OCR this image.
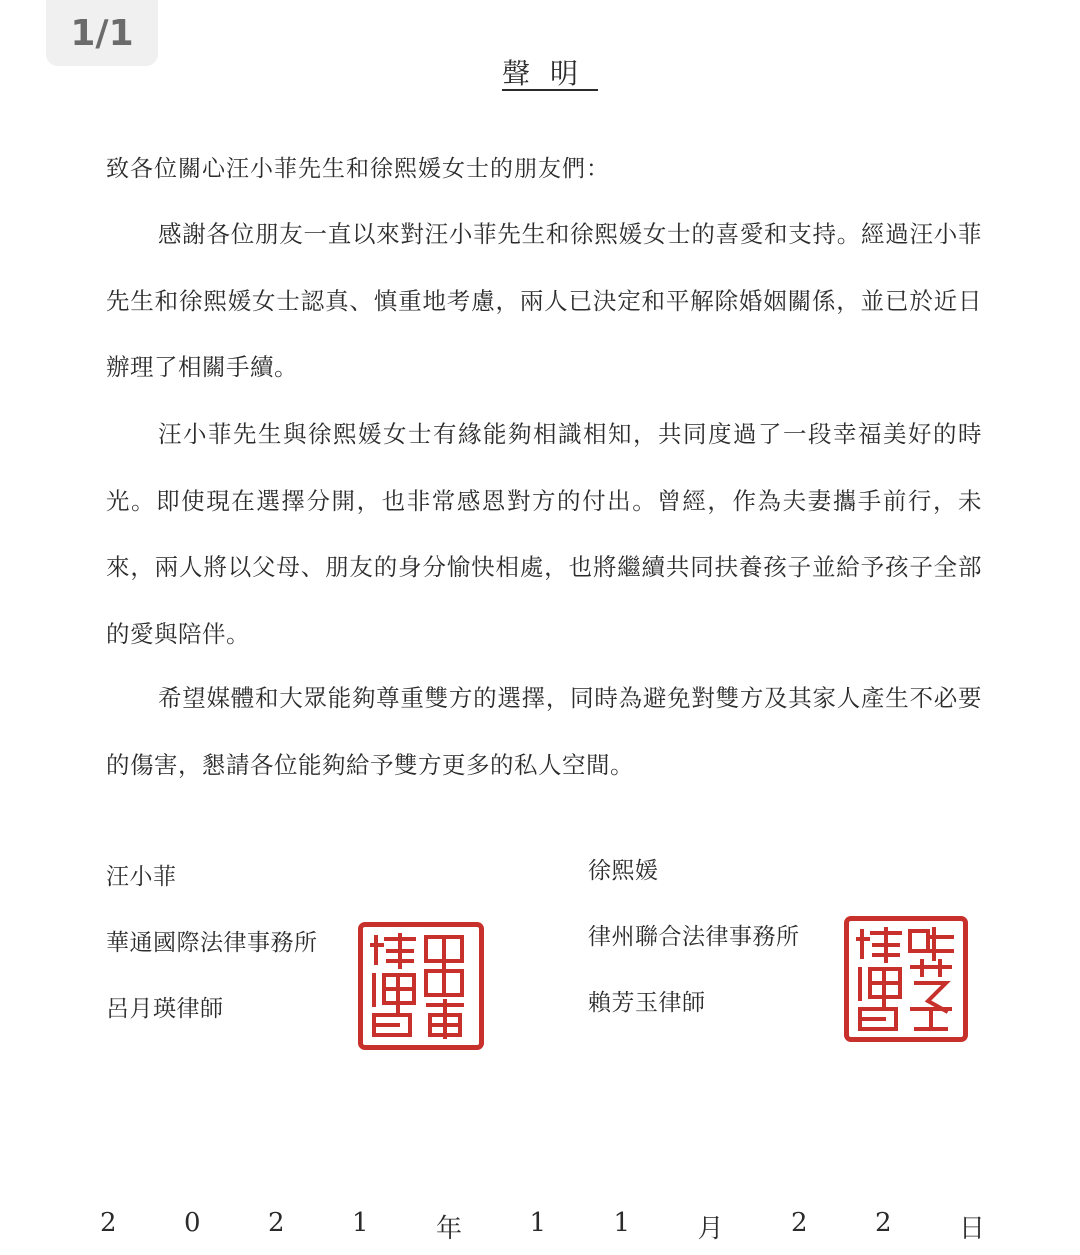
1/1
聲明
致各位關心汪小菲先生和徐熙媛女士的朋友們：

感謝各位朋友一直以來對汪小菲先生和徐熙媛女士的喜愛和支持。經過汪小菲先生和徐熙媛女士認真、慎重地考慮，兩人已決定和平解除婚姻關係，並已於近日辦理了相關手續。

汪小菲先生與徐熙媛女士有緣能夠相識相知，共同度過了一段幸福美好的時光。即使現在選擇分開，也非常感恩對方的付出。曾經，作為夫妻攜手前行，未來，兩人將以父母、朋友的身分愉快相處，也將繼續共同扶養孩子並給予孩子全部的愛與陪伴。

希望媒體和大眾能夠尊重雙方的選擇，同時為避免對雙方及其家人產生不必要的傷害，懇請各位能夠給予雙方更多的私人空間。

汪小菲
華通國際法律事務所
呂月瑛律師
徐熙媛
律州聯合法律事務所
賴芳玉律師
2	0	2	1	年	1	1	月	2	2	日
